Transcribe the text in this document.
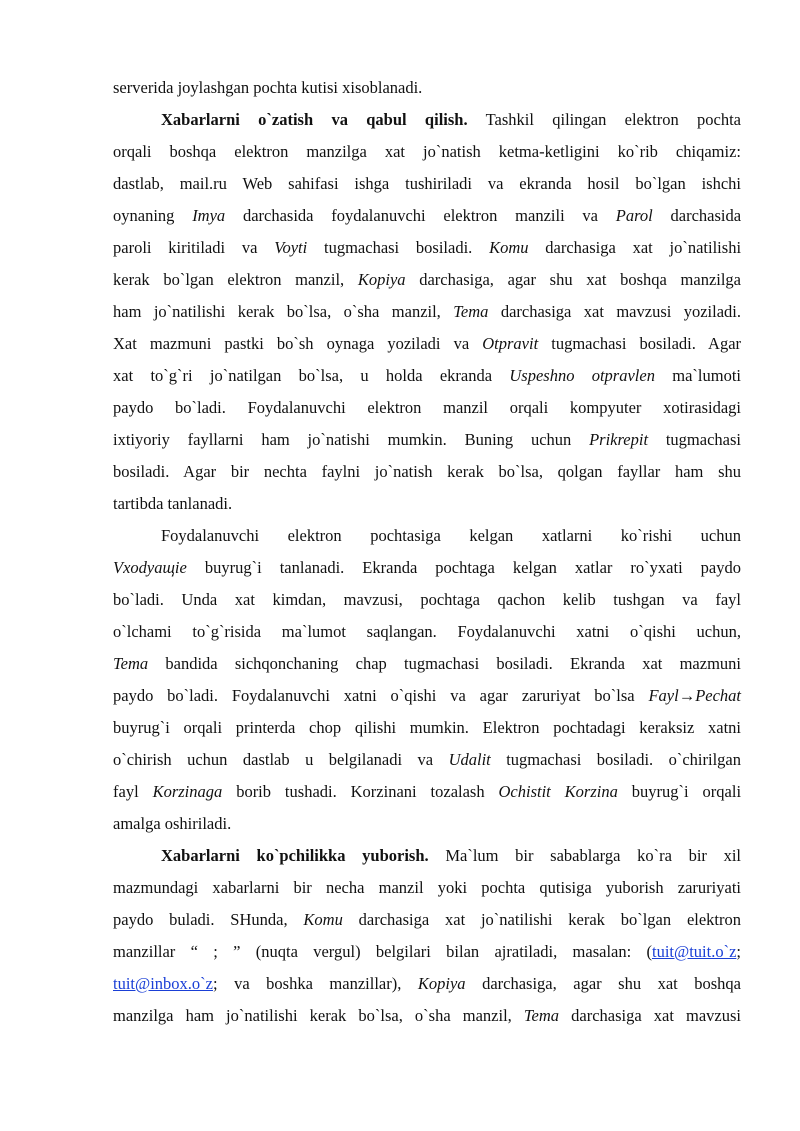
serverida joylashgan pochta kutisi xisoblanadi.
Xabarlarni o`zatish va qabul qilish. Tashkil qilingan elektron pochta
orqali boshqa elektron manzilga xat jo`natish ketma-ketligini ko`rib chiqamiz:
dastlab, mail.ru Web sahifasi ishga tushiriladi va ekranda hosil bo`lgan ishchi
oynaning Imya darchasida foydalanuvchi elektron manzili va Parol darchasida
paroli kiritiladi va Voyti tugmachasi bosiladi. Komu darchasiga xat jo`natilishi
kerak bo`lgan elektron manzil, Kopiya darchasiga, agar shu xat boshqa manzilga
ham jo`natilishi kerak bo`lsa, o`sha manzil, Tema darchasiga xat mavzusi yoziladi.
Xat mazmuni pastki bo`sh oynaga yoziladi va Otpravit tugmachasi bosiladi. Agar
xat to`g`ri jo`natilgan bo`lsa, u holda ekranda Uspeshno otpravlen ma`lumoti
paydo bo`ladi. Foydalanuvchi elektron manzil orqali kompyuter xotirasidagi
ixtiyoriy fayllarni ham jo`natishi mumkin. Buning uchun Prikrepit tugmachasi
bosiladi. Agar bir nechta faylni jo`natish kerak bo`lsa, qolgan fayllar ham shu
tartibda tanlanadi.
Foydalanuvchi elektron pochtasiga kelgan xatlarni ko`rishi uchun
Vxodyaщie buyrug`i tanlanadi. Ekranda pochtaga kelgan xatlar ro`yxati paydo
bo`ladi. Unda xat kimdan, mavzusi, pochtaga qachon kelib tushgan va fayl
o`lchami to`g`risida ma`lumot saqlangan. Foydalanuvchi xatni o`qishi uchun,
Tema bandida sichqonchaning chap tugmachasi bosiladi. Ekranda xat mazmuni
paydo bo`ladi. Foydalanuvchi xatni o`qishi va agar zaruriyat bo`lsa Fayl→Pechat
buyrug`i orqali printerda chop qilishi mumkin. Elektron pochtadagi keraksiz xatni
o`chirish uchun dastlab u belgilanadi va Udalit tugmachasi bosiladi. o`chirilgan
fayl Korzinaga borib tushadi. Korzinani tozalash Ochistit Korzina buyrug`i orqali
amalga oshiriladi.
Xabarlarni ko`pchilikka yuborish. Ma`lum bir sabablarga ko`ra bir xil
mazmundagi xabarlarni bir necha manzil yoki pochta qutisiga yuborish zaruriyati
paydo buladi. SHunda, Komu darchasiga xat jo`natilishi kerak bo`lgan elektron
manzillar “ ; ” (nuqta vergul) belgilari bilan ajratiladi, masalan: (tuit@tuit.o`z;
tuit@inbox.o`z; va boshka manzillar), Kopiya darchasiga, agar shu xat boshqa
manzilga ham jo`natilishi kerak bo`lsa, o`sha manzil, Tema darchasiga xat mavzusi
